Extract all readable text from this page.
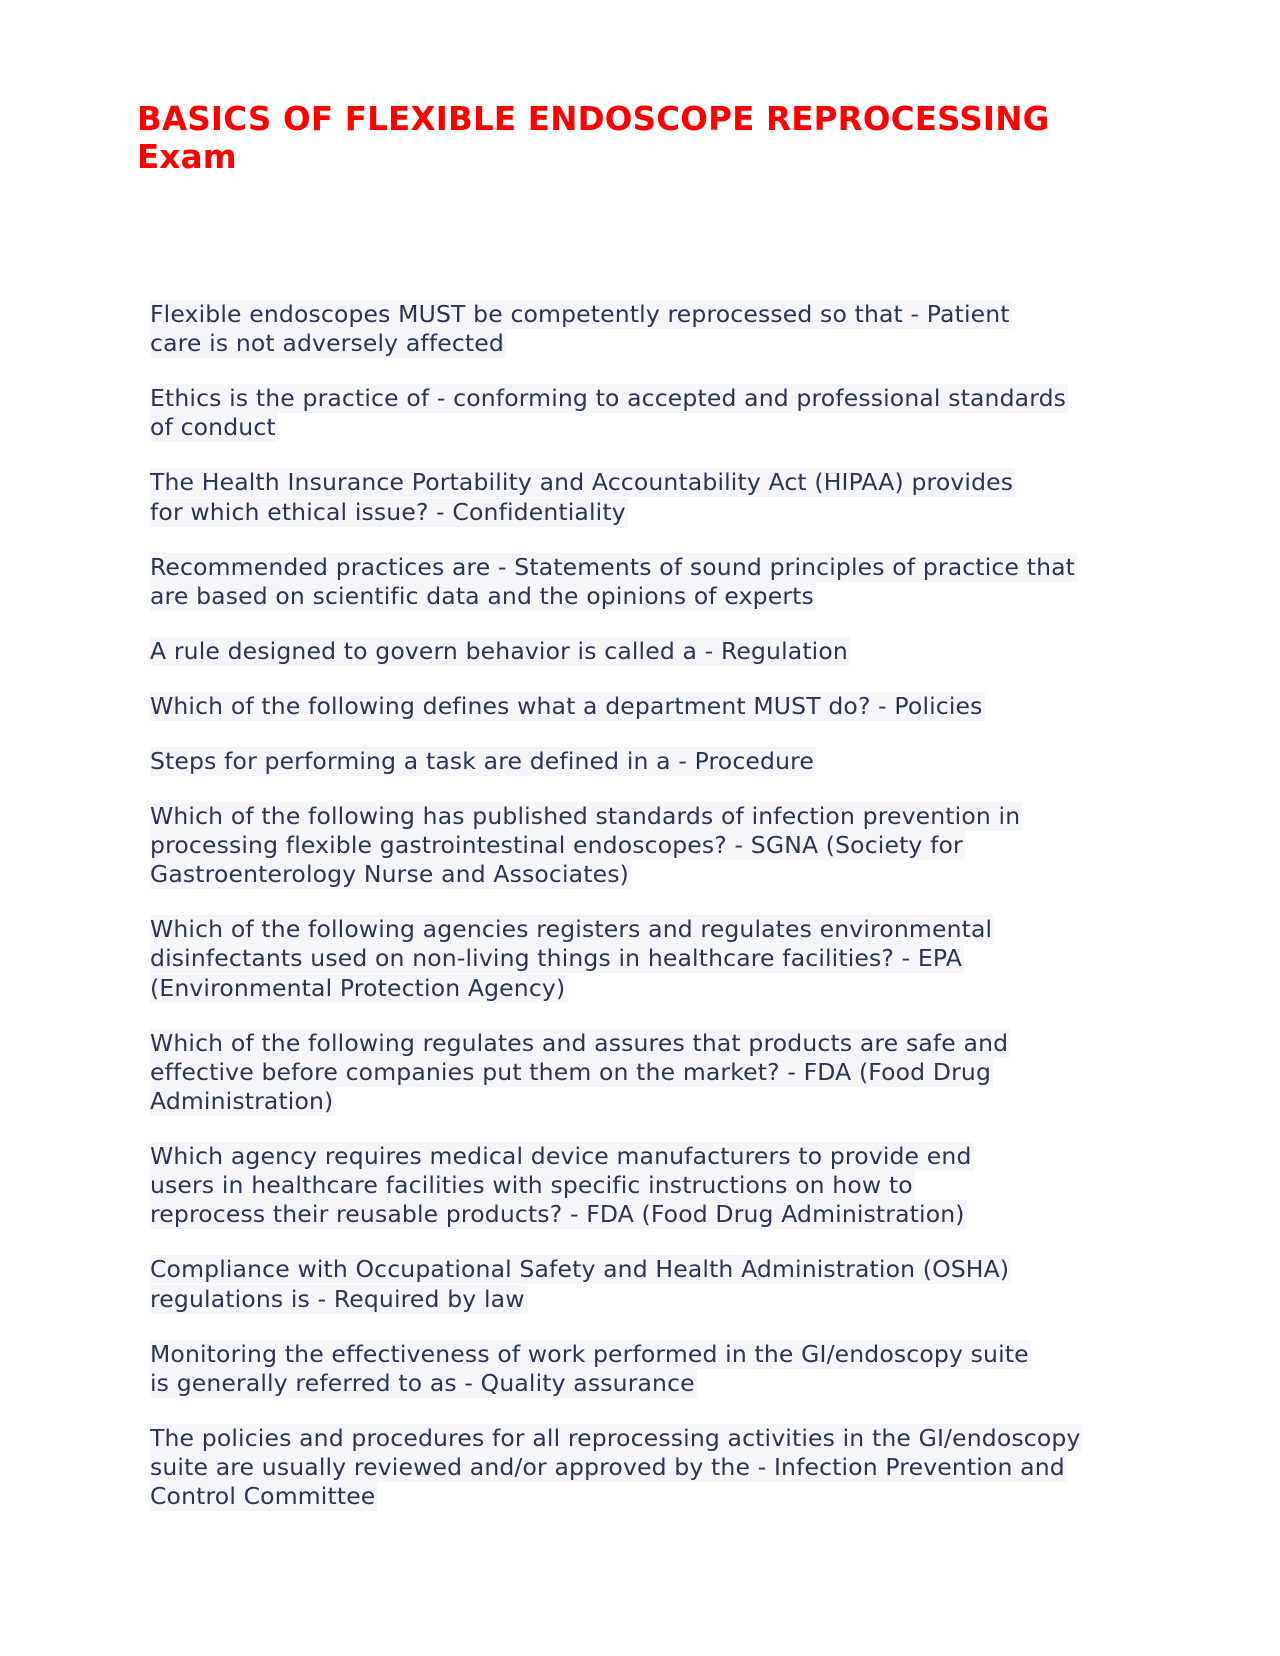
BASICS OF FLEXIBLE ENDOSCOPE REPROCESSING
Exam

Flexible endoscopes MUST be competently reprocessed so that - Patient
care is not adversely affected

Ethics is the practice of - conforming to accepted and professional standards
of conduct

The Health Insurance Portability and Accountability Act (HIPAA) provides
for which ethical issue? - Confidentiality

Recommended practices are - Statements of sound principles of practice that
are based on scientific data and the opinions of experts

A rule designed to govern behavior is called a - Regulation

Which of the following defines what a department MUST do? - Policies

Steps for performing a task are defined in a - Procedure

Which of the following has published standards of infection prevention in
processing flexible gastrointestinal endoscopes? - SGNA (Society for
Gastroenterology Nurse and Associates)

Which of the following agencies registers and regulates environmental
disinfectants used on non-living things in healthcare facilities? - EPA
(Environmental Protection Agency)

Which of the following regulates and assures that products are safe and
effective before companies put them on the market? - FDA (Food Drug
Administration)

Which agency requires medical device manufacturers to provide end
users in healthcare facilities with specific instructions on how to
reprocess their reusable products? - FDA (Food Drug Administration)

Compliance with Occupational Safety and Health Administration (OSHA)
regulations is - Required by law

Monitoring the effectiveness of work performed in the GI/endoscopy suite
is generally referred to as - Quality assurance

The policies and procedures for all reprocessing activities in the GI/endoscopy
suite are usually reviewed and/or approved by the - Infection Prevention and
Control Committee
